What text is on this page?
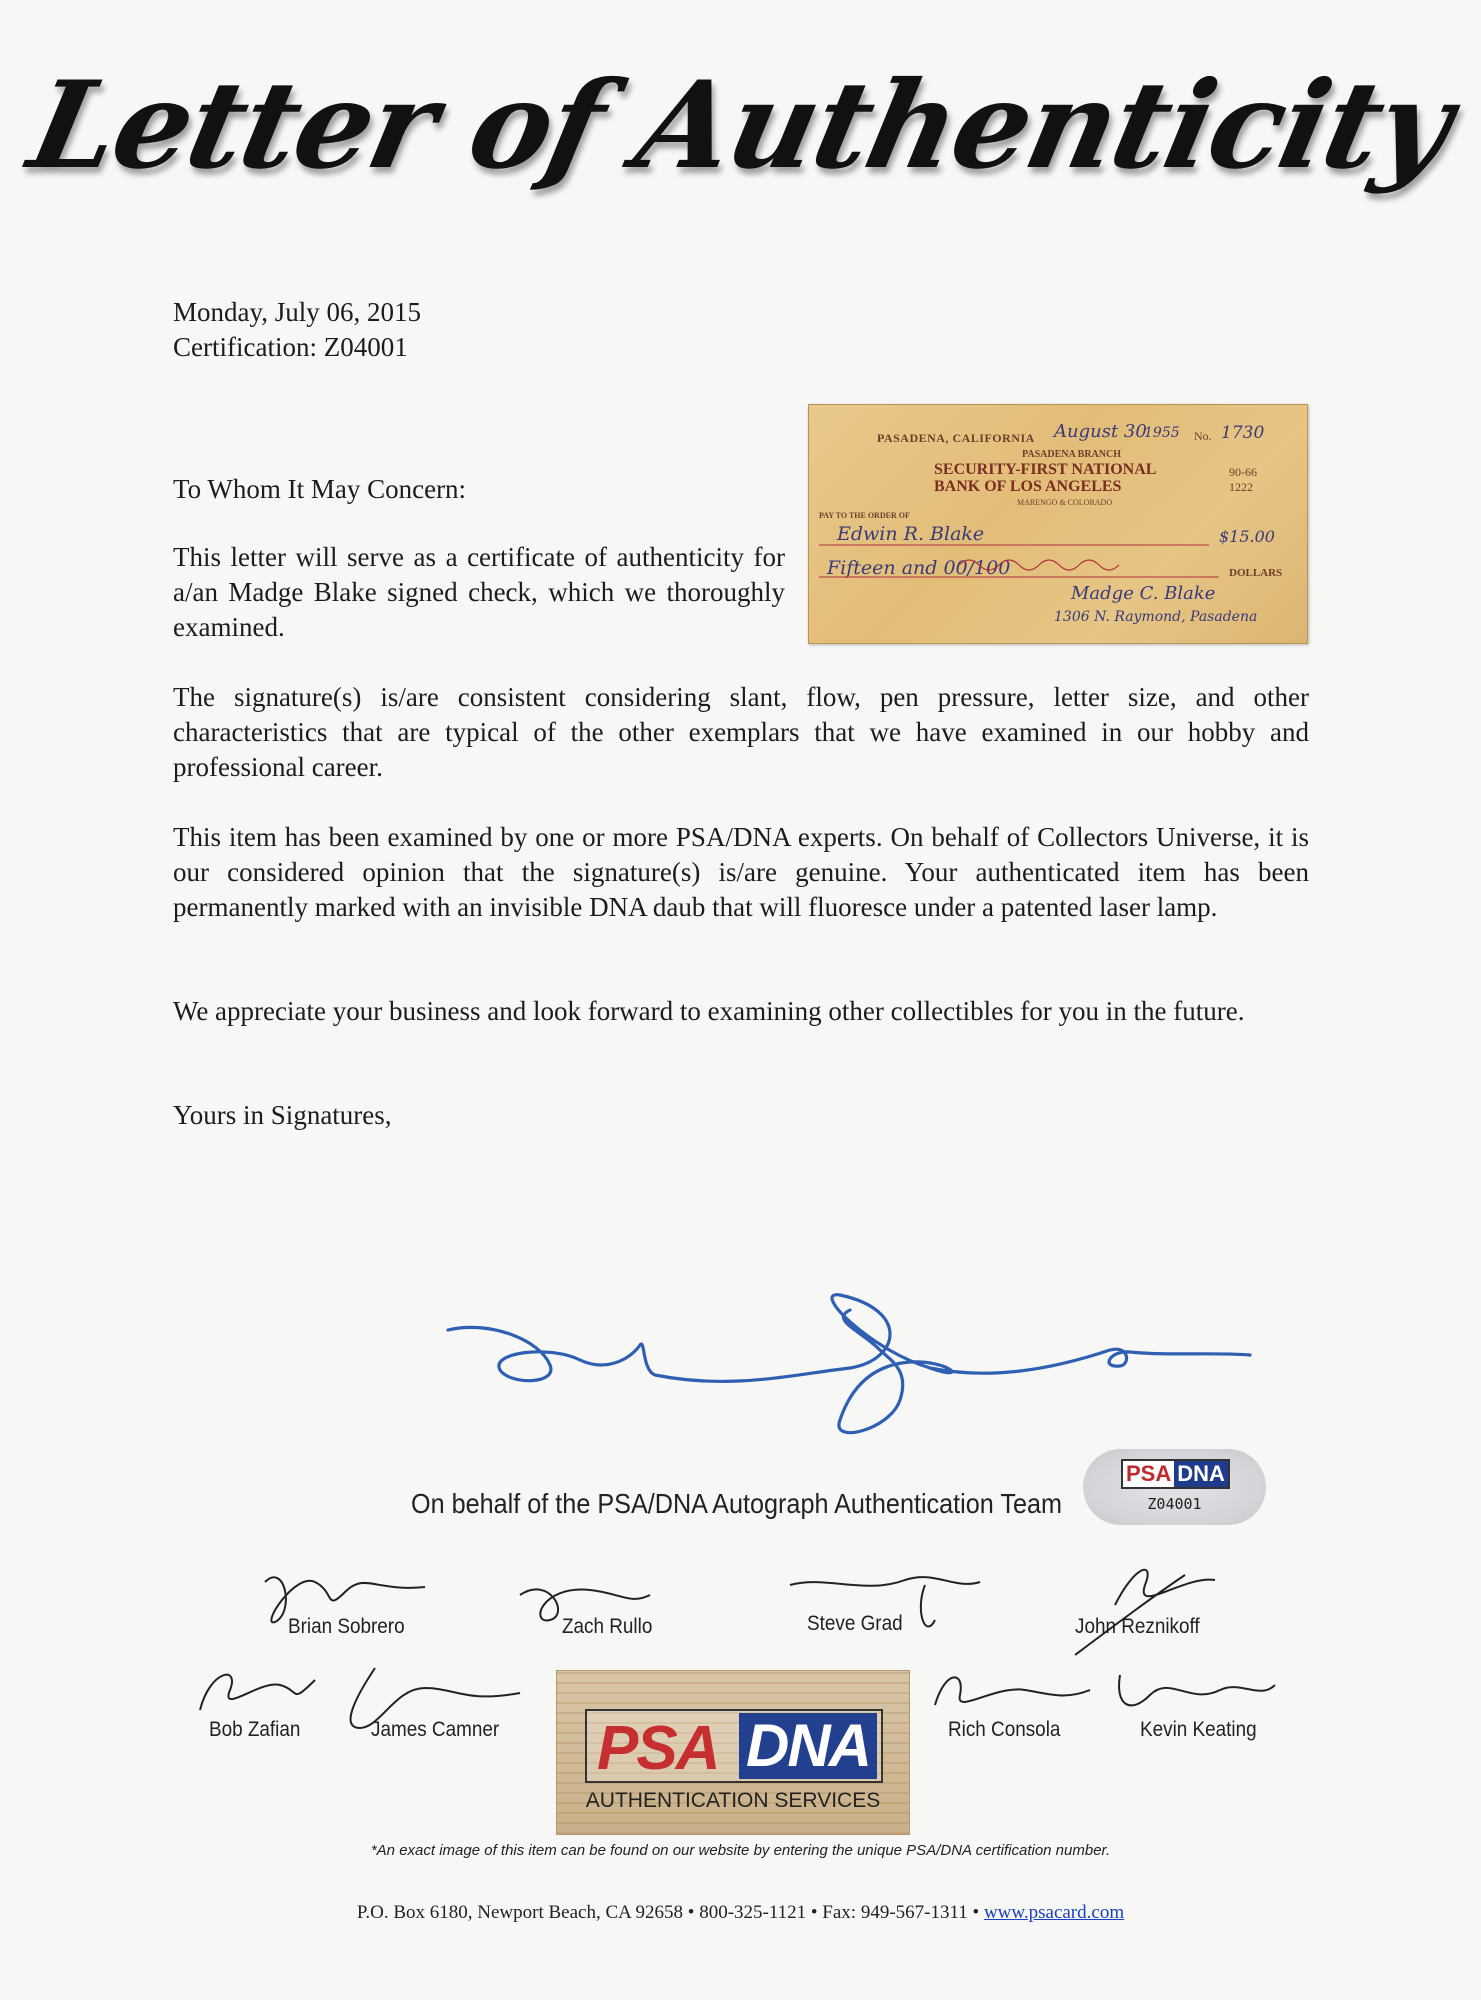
Letter of Authenticity
Monday, July 06, 2015
Certification: Z04001
To Whom It May Concern:
This letter will serve as a certificate of authenticity for a/an Madge Blake signed check, which we thoroughly examined.
PASADENA, CALIFORNIA August 30
1955 No. 1730
PASADENA BRANCH
SECURITY-FIRST NATIONAL
BANK OF LOS ANGELES
90-66
1222
MARENGO & COLORADO
PAY TO THE ORDER OF
Edwin R. Blake	$15.00
Fifteen and 00/100	DOLLARS
Madge C. Blake
1306 N. Raymond, Pasadena
The signature(s) is/are consistent considering slant, flow, pen pressure, letter size, and other characteristics that are typical of the other exemplars that we have examined in our hobby and professional career.
This item has been examined by one or more PSA/DNA experts. On behalf of Collectors Universe, it is our considered opinion that the signature(s) is/are genuine. Your authenticated item has been permanently marked with an invisible DNA daub that will fluoresce under a patented laser lamp.
We appreciate your business and look forward to examining other collectibles for you in the future.
Yours in Signatures,
On behalf of the PSA/DNA Autograph Authentication Team
PSA DNA
Z04001
Brian Sobrero	Zach Rullo	Steve Grad	John Reznikoff
Bob Zafian	James Camner	Rich Consola	Kevin Keating
PSA DNA
AUTHENTICATION SERVICES
*An exact image of this item can be found on our website by entering the unique PSA/DNA certification number.
P.O. Box 6180, Newport Beach, CA 92658 • 800-325-1121 • Fax: 949-567-1311 • www.psacard.com
